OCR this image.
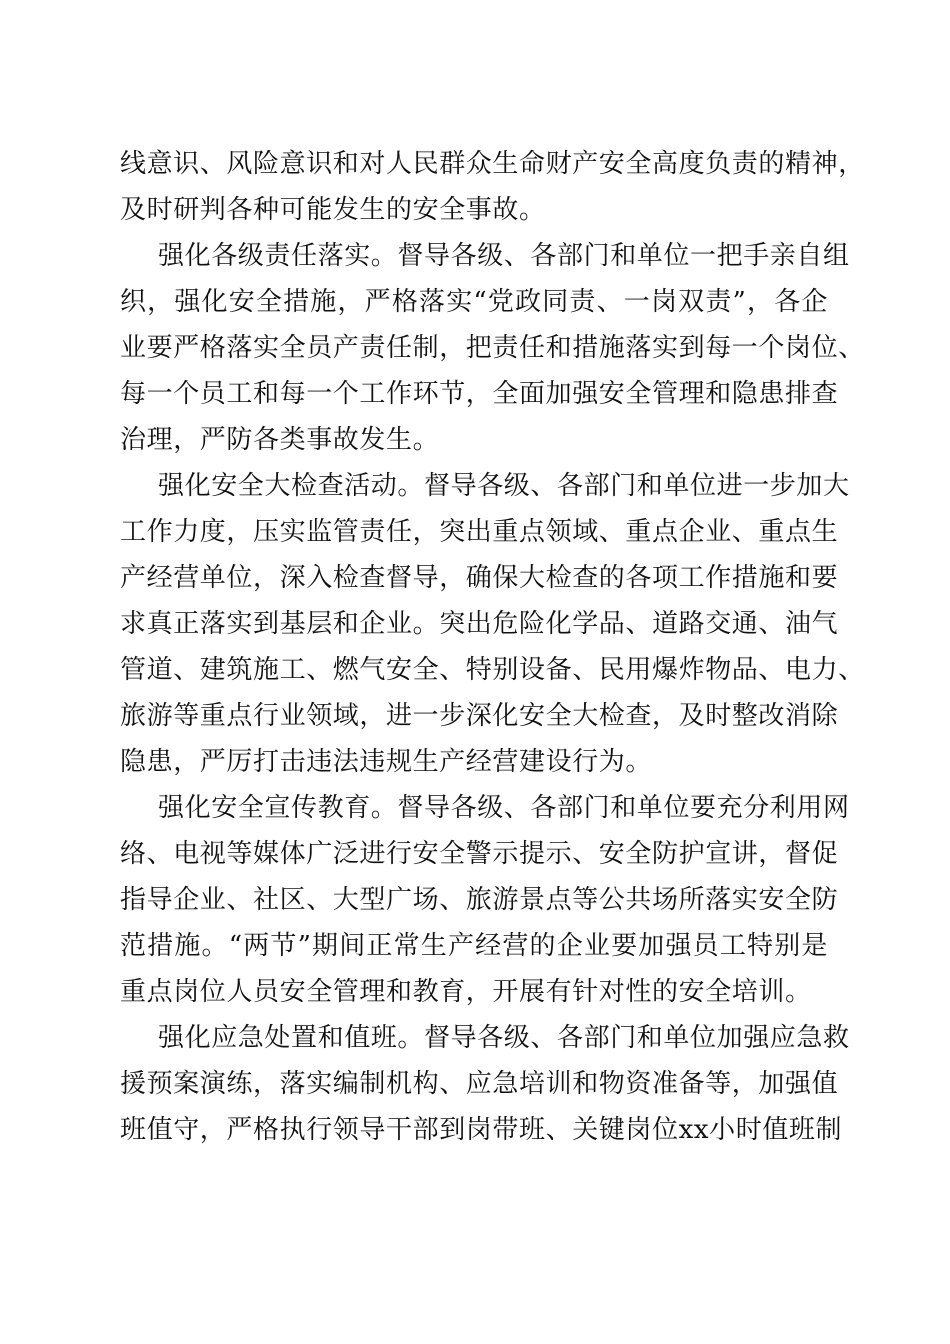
线意识、风险意识和对人民群众生命财产安全高度负责的精神，
及时研判各种可能发生的安全事故。
强化各级责任落实。督导各级、各部门和单位一把手亲自组
织，强化安全措施，严格落实“党政同责、一岗双责”，各企
业要严格落实全员产责任制，把责任和措施落实到每一个岗位、
每一个员工和每一个工作环节，全面加强安全管理和隐患排查
治理，严防各类事故发生。
强化安全大检查活动。督导各级、各部门和单位进一步加大
工作力度，压实监管责任，突出重点领域、重点企业、重点生
产经营单位，深入检查督导，确保大检查的各项工作措施和要
求真正落实到基层和企业。突出危险化学品、道路交通、油气
管道、建筑施工、燃气安全、特别设备、民用爆炸物品、电力、
旅游等重点行业领域，进一步深化安全大检查，及时整改消除
隐患，严厉打击违法违规生产经营建设行为。
强化安全宣传教育。督导各级、各部门和单位要充分利用网
络、电视等媒体广泛进行安全警示提示、安全防护宣讲，督促
指导企业、社区、大型广场、旅游景点等公共场所落实安全防
范措施。“两节”期间正常生产经营的企业要加强员工特别是
重点岗位人员安全管理和教育，开展有针对性的安全培训。
强化应急处置和值班。督导各级、各部门和单位加强应急救
援预案演练，落实编制机构、应急培训和物资准备等，加强值
班值守，严格执行领导干部到岗带班、关键岗位xx小时值班制
